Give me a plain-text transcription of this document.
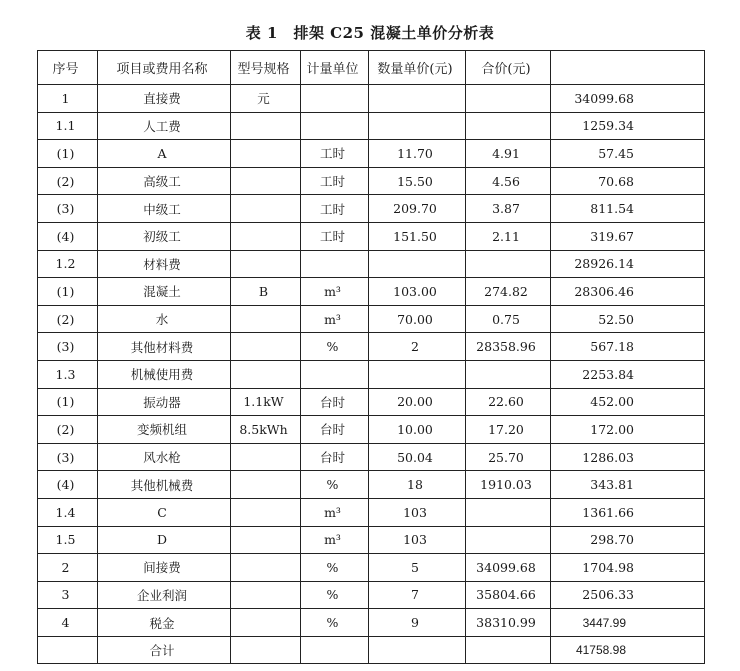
表 1　排架 C25 混凝土单价分析表
序号	项目或费用名称	型号规格	计量单位	数量单价(元)	合价(元)	
1	直接费	元				34099.68
1.1	人工费					1259.34
(1)	A		工时	11.70	4.91	57.45
(2)	高级工		工时	15.50	4.56	70.68
(3)	中级工		工时	209.70	3.87	811.54
(4)	初级工		工时	151.50	2.11	319.67
1.2	材料费					28926.14
(1)	混凝土	B	m³	103.00	274.82	28306.46
(2)	水		m³	70.00	0.75	52.50
(3)	其他材料费		%	2	28358.96	567.18
1.3	机械使用费					2253.84
(1)	振动器	1.1kW	台时	20.00	22.60	452.00
(2)	变频机组	8.5kWh	台时	10.00	17.20	172.00
(3)	风水枪		台时	50.04	25.70	1286.03
(4)	其他机械费		%	18	1910.03	343.81
1.4	C		m³	103		1361.66
1.5	D		m³	103		298.70
2	间接费		%	5	34099.68	1704.98
3	企业利润		%	7	35804.66	2506.33
4	税金		%	9	38310.99	3447.99
	合计					41758.98
